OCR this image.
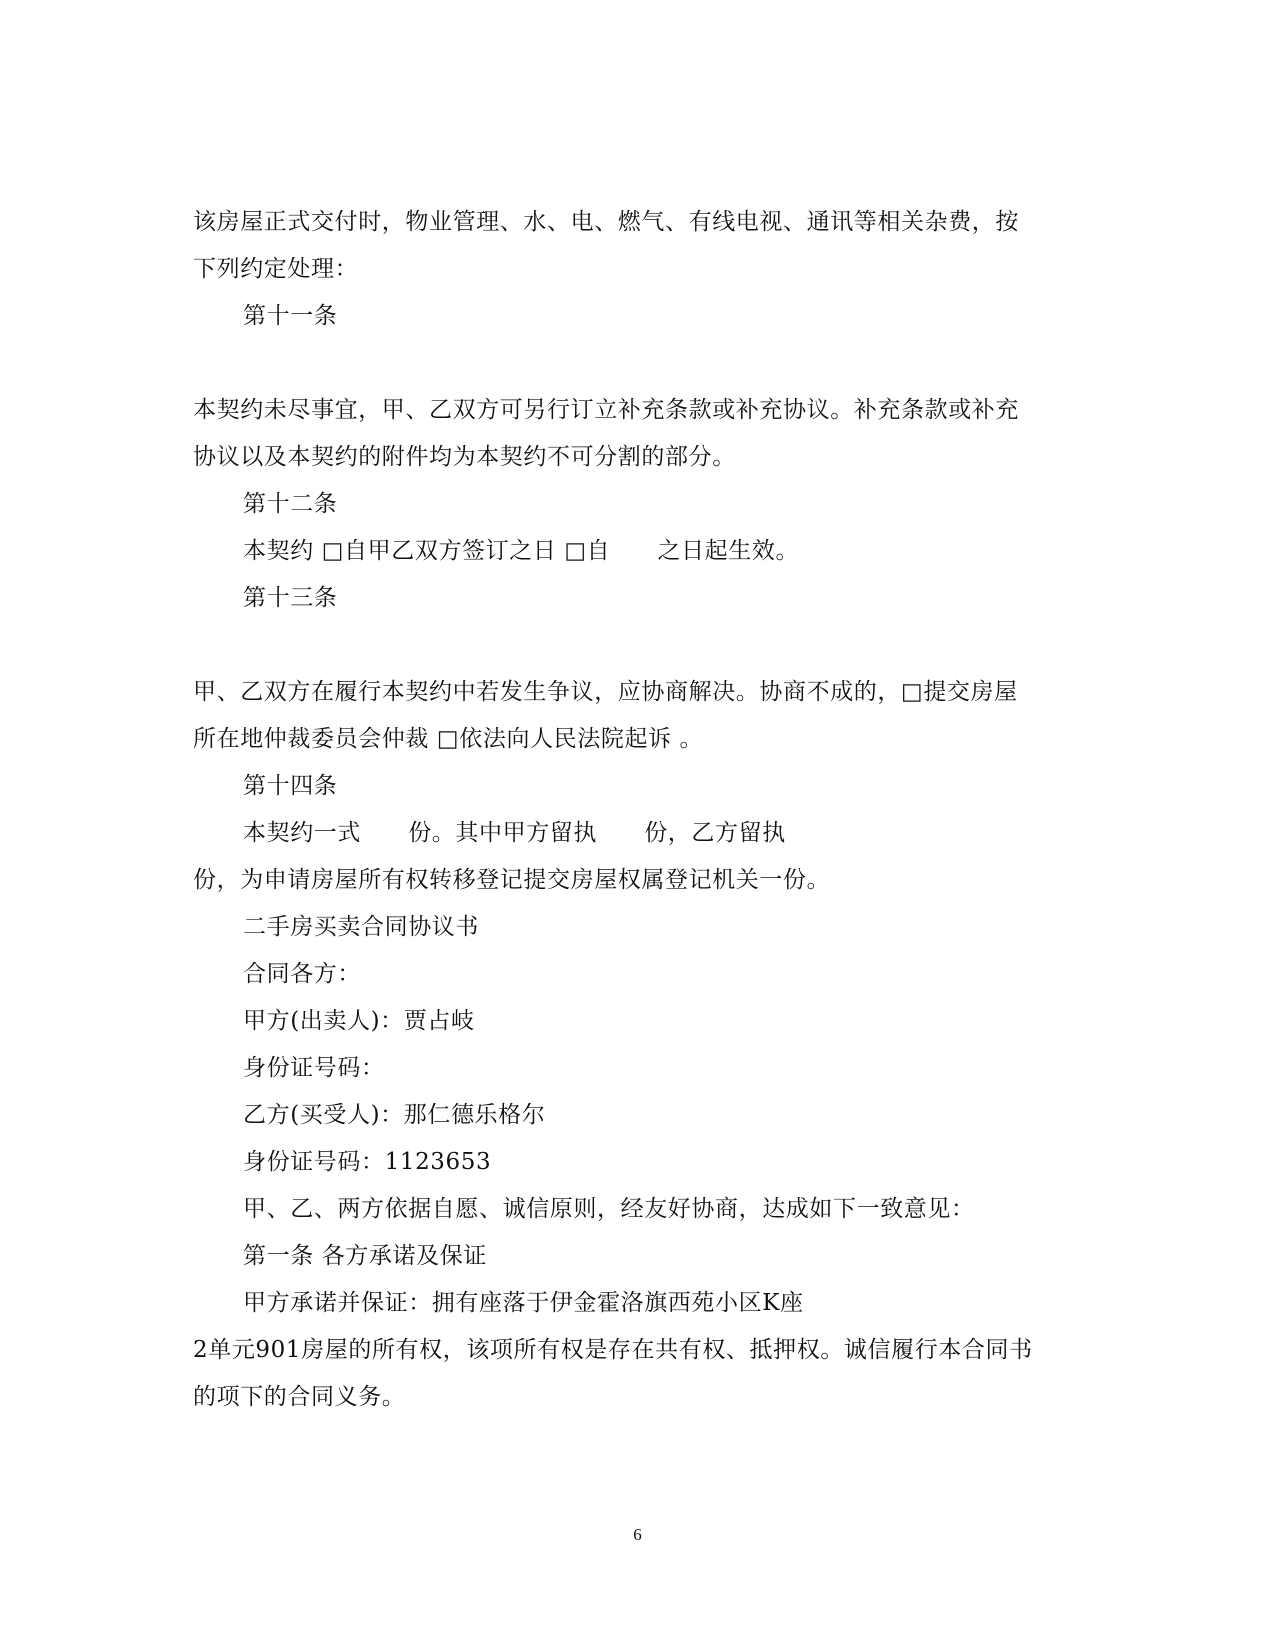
该房屋正式交付时，物业管理、水、电、燃气、有线电视、通讯等相关杂费，按
下列约定处理：
第十一条
本契约未尽事宜，甲、乙双方可另行订立补充条款或补充协议。补充条款或补充
协议以及本契约的附件均为本契约不可分割的部分。
第十二条
本契约 □自甲乙双方签订之日 □自　　之日起生效。
第十三条
甲、乙双方在履行本契约中若发生争议，应协商解决。协商不成的，□提交房屋
所在地仲裁委员会仲裁 □依法向人民法院起诉 。
第十四条
本契约一式　　份。其中甲方留执　　份，乙方留执
份，为申请房屋所有权转移登记提交房屋权属登记机关一份。
二手房买卖合同协议书
合同各方：
甲方(出卖人)：贾占岐
身份证号码：
乙方(买受人)：那仁德乐格尔
身份证号码：1123653
甲、乙、两方依据自愿、诚信原则，经友好协商，达成如下一致意见：
第一条 各方承诺及保证
甲方承诺并保证：拥有座落于伊金霍洛旗西苑小区K座
2单元901房屋的所有权，该项所有权是存在共有权、抵押权。诚信履行本合同书
的项下的合同义务。
6
